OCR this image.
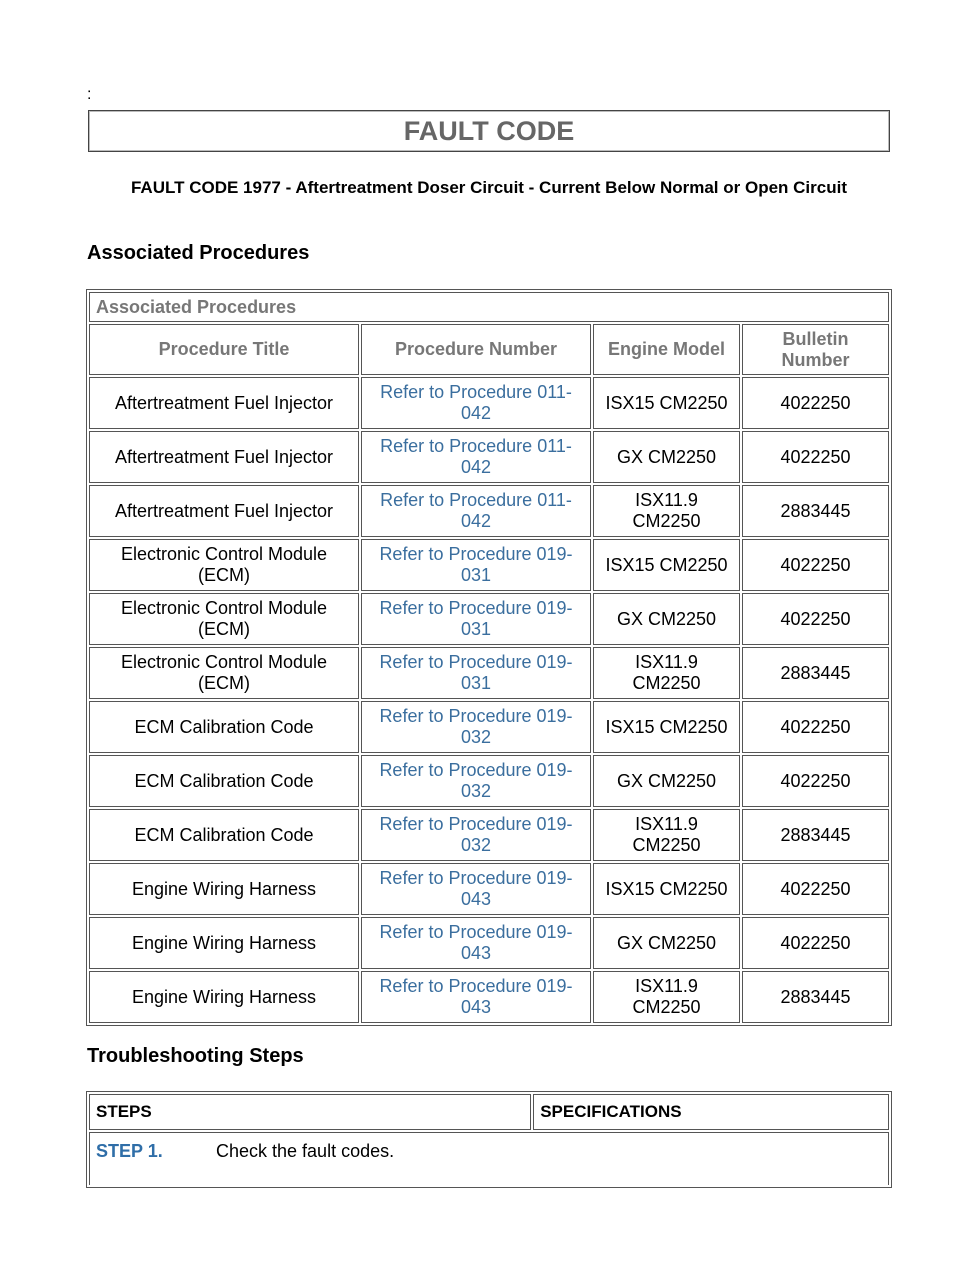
:
FAULT CODE
FAULT CODE 1977 - Aftertreatment Doser Circuit - Current Below Normal or Open Circuit
Associated Procedures
Associated Procedures			
Procedure Title	Procedure Number	Engine Model	Bulletin Number
Aftertreatment Fuel Injector	Refer to Procedure 011-042	ISX15 CM2250	4022250
Aftertreatment Fuel Injector	Refer to Procedure 011-042	GX CM2250	4022250
Aftertreatment Fuel Injector	Refer to Procedure 011-042	ISX11.9 CM2250	2883445
Electronic Control Module (ECM)	Refer to Procedure 019-031	ISX15 CM2250	4022250
Electronic Control Module (ECM)	Refer to Procedure 019-031	GX CM2250	4022250
Electronic Control Module (ECM)	Refer to Procedure 019-031	ISX11.9 CM2250	2883445
ECM Calibration Code	Refer to Procedure 019-032	ISX15 CM2250	4022250
ECM Calibration Code	Refer to Procedure 019-032	GX CM2250	4022250
ECM Calibration Code	Refer to Procedure 019-032	ISX11.9 CM2250	2883445
Engine Wiring Harness	Refer to Procedure 019-043	ISX15 CM2250	4022250
Engine Wiring Harness	Refer to Procedure 019-043	GX CM2250	4022250
Engine Wiring Harness	Refer to Procedure 019-043	ISX11.9 CM2250	2883445
Troubleshooting Steps
STEPS	SPECIFICATIONS
STEP 1.	Check the fault codes.
